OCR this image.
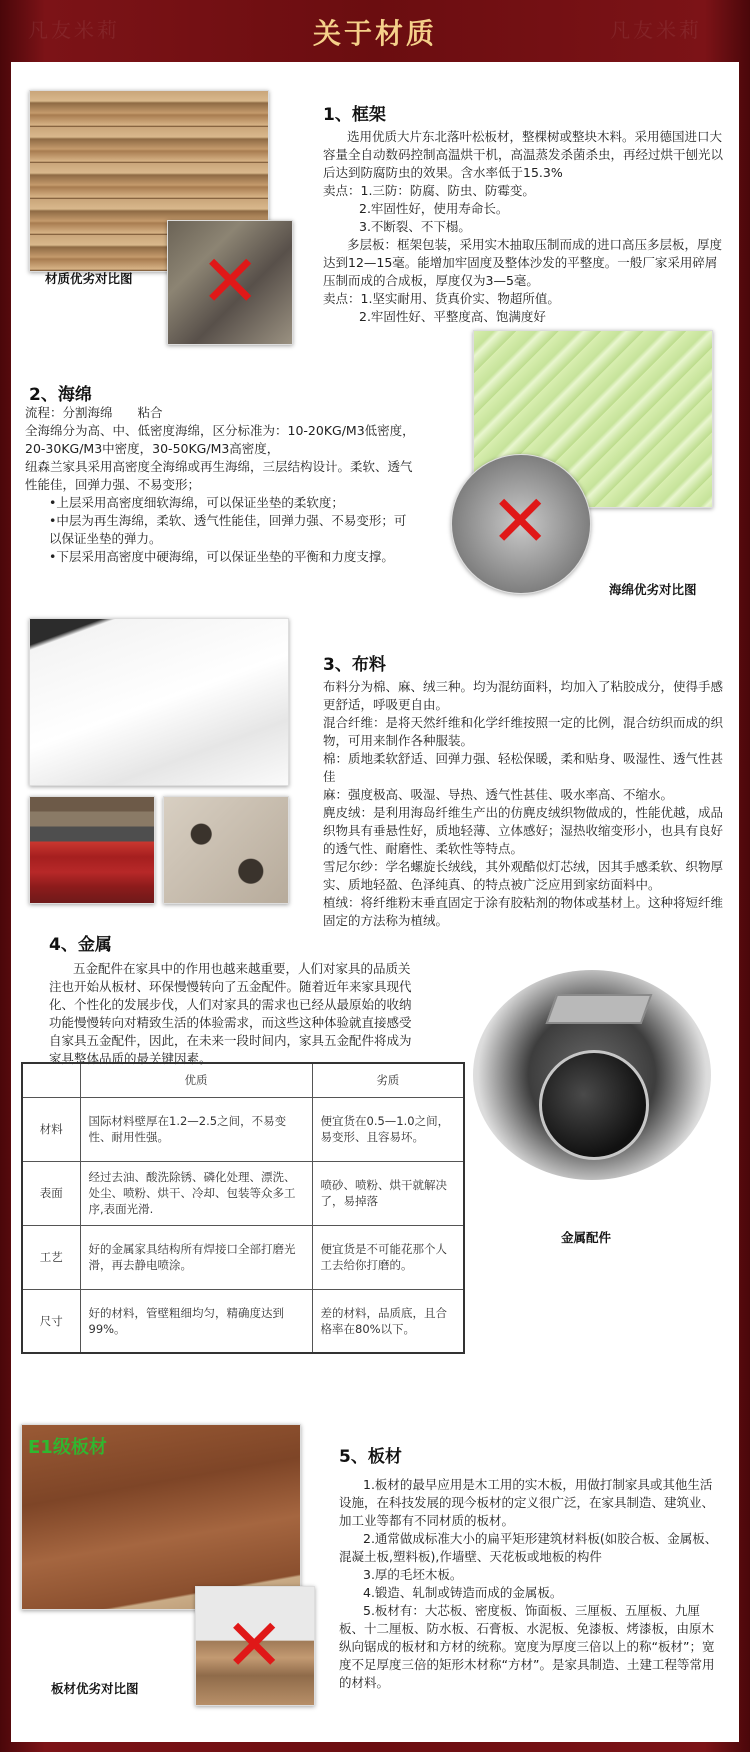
凡友米莉	凡友米莉
关于材质
✕
材质优劣对比图
1、框架

选用优质大片东北落叶松板材，整棵树或整块木料。采用德国进口大容量全自动数码控制高温烘干机，高温蒸发杀菌杀虫，再经过烘干刨光以后达到防腐防虫的效果。含水率低于15.3%

卖点：1.三防：防腐、防虫、防霉变。

2.牢固性好，使用寿命长。

3.不断裂、不下榻。

多层板：框架包装，采用实木抽取压制而成的进口高压多层板，厚度达到12—15毫。能增加牢固度及整体沙发的平整度。一般厂家采用碎屑压制而成的合成板，厚度仅为3—5毫。

卖点：1.坚实耐用、货真价实、物超所值。

2.牢固性好、平整度高、饱满度好

2、海绵

流程：分割海绵　　粘合

全海绵分为高、中、低密度海绵，区分标准为：10-20KG/M3低密度，20-30KG/M3中密度，30-50KG/M3高密度，

纽森兰家具采用高密度全海绵或再生海绵，三层结构设计。柔软、透气性能佳，回弹力强、不易变形；

•上层采用高密度细软海绵，可以保证坐垫的柔软度；

•中层为再生海绵，柔软、透气性能佳，回弹力强、不易变形；可以保证坐垫的弹力。

•下层采用高密度中硬海绵，可以保证坐垫的平衡和力度支撑。 ✕
海绵优劣对比图
3、布料

布料分为棉、麻、绒三种。均为混纺面料，均加入了粘胶成分，使得手感更舒适，呼吸更自由。

混合纤维：是将天然纤维和化学纤维按照一定的比例，混合纺织而成的织物，可用来制作各种服装。

棉：质地柔软舒适、回弹力强、轻松保暖，柔和贴身、吸湿性、透气性甚佳

麻：强度极高、吸湿、导热、透气性甚佳、吸水率高、不缩水。

麂皮绒：是利用海岛纤维生产出的仿麂皮绒织物做成的，性能优越，成品织物具有垂悬性好，质地轻薄、立体感好；湿热收缩变形小，也具有良好的透气性、耐磨性、柔软性等特点。

雪尼尔纱：学名螺旋长绒线，其外观酷似灯芯绒，因其手感柔软、织物厚实、质地轻盈、色泽纯真、的特点被广泛应用到家纺面料中。

植绒：将纤维粉末垂直固定于涂有胶粘剂的物体或基材上。这种将短纤维固定的方法称为植绒。

4、金属

五金配件在家具中的作用也越来越重要，人们对家具的品质关注也开始从板材、环保慢慢转向了五金配件。随着近年来家具现代化、个性化的发展步伐，人们对家具的需求也已经从最原始的收纳功能慢慢转向对精致生活的体验需求，而这些这种体验就直接感受自家具五金配件，因此，在未来一段时间内，家具五金配件将成为家具整体品质的最关键因素。

	优质	劣质
材料	国际材料壁厚在1.2—2.5之间，不易变性、耐用性强。	便宜货在0.5—1.0之间，易变形、且容易坏。
表面	经过去油、酸洗除锈、磷化处理、漂洗、处尘、喷粉、烘干、冷却、包装等众多工序,表面光滑.	喷砂、喷粉、烘干就解决了，易掉落
工艺	好的金属家具结构所有焊接口全部打磨光滑，再去静电喷涂。	便宜货是不可能花那个人工去给你打磨的。
尺寸	好的材料，管壁粗细均匀，精确度达到99%。	差的材料，品质底，且合格率在80%以下。
金属配件
E1级板材
板材优劣对比图
✕
5、板材

1.板材的最早应用是木工用的实木板，用做打制家具或其他生活设施，在科技发展的现今板材的定义很广泛，在家具制造、建筑业、加工业等都有不同材质的板材。

2.通常做成标准大小的扁平矩形建筑材料板(如胶合板、金属板、混凝土板,塑料板),作墙壁、天花板或地板的构件

3.厚的毛坯木板。

4.锻造、轧制或铸造而成的金属板。

5.板材有：大芯板、密度板、饰面板、三厘板、五厘板、九厘板、十二厘板、防水板、石膏板、水泥板、免漆板、烤漆板，由原木纵向锯成的板材和方材的统称。宽度为厚度三倍以上的称“板材”；宽度不足厚度三倍的矩形木材称“方材”。是家具制造、土建工程等常用的材料。
